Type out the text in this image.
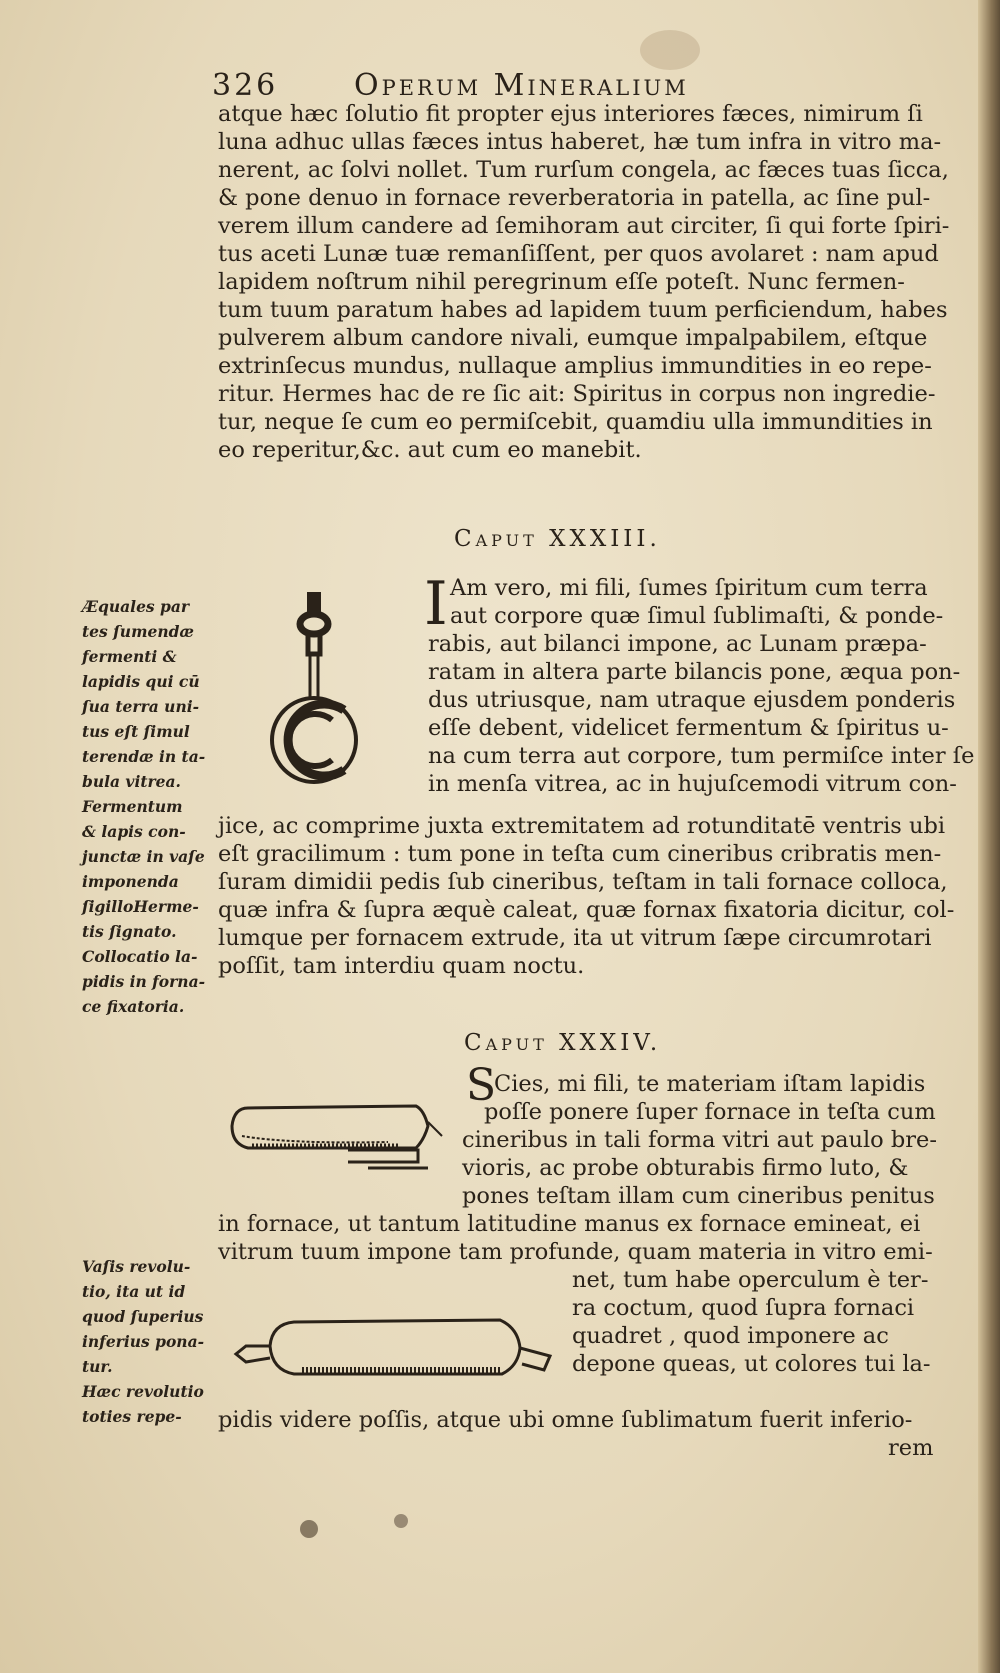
326	Operum Mineralium
atque hæc ſolutio fit propter ejus interiores fæces, nimirum ſi
luna adhuc ullas fæces intus haberet, hæ tum infra in vitro ma-
nerent, ac ſolvi nollet. Tum rurſum congela, ac fæces tuas ſicca,
& pone denuo in fornace reverberatoria in patella, ac ſine pul-
verem illum candere ad ſemihoram aut circiter, ſi qui forte ſpiri-
tus aceti Lunæ tuæ remanſiſſent, per quos avolaret : nam apud
lapidem noſtrum nihil peregrinum eſſe poteſt. Nunc fermen-
tum tuum paratum habes ad lapidem tuum perficiendum, habes
pulverem album candore nivali, eumque impalpabilem, eſtque
extrinſecus mundus, nullaque amplius immundities in eo repe-
ritur. Hermes hac de re ſic ait: Spiritus in corpus non ingredie-
tur, neque ſe cum eo permiſcebit, quamdiu ulla immundities in
eo reperitur,&c. aut cum eo manebit.
Caput XXXIII.
Æquales par
tes ſumendæ
fermenti &
lapidis qui cū
ſua terra uni-
tus eſt ſimul
terendæ in ta-
bula vitrea.
Fermentum
& lapis con-
junctæ in vaſe
imponenda
ſigilloHerme-
tis ſignato.
Collocatio la-
pidis in forna-
ce fixatoria.
I Am vero, mi fili, ſumes ſpiritum cum terra
aut corpore quæ ſimul ſublimaſti, & ponde-
rabis, aut bilanci impone, ac Lunam præpa-
ratam in altera parte bilancis pone, æqua pon-
dus utriusque, nam utraque ejusdem ponderis
eſſe debent, videlicet fermentum & ſpiritus u-
na cum terra aut corpore, tum permiſce inter ſe
in menſa vitrea, ac in hujuſcemodi vitrum con-
jice, ac comprime juxta extremitatem ad rotunditatē ventris ubi
eſt gracilimum : tum pone in teſta cum cineribus cribratis men-
ſuram dimidii pedis ſub cineribus, teſtam in tali fornace colloca,
quæ infra & ſupra æquè caleat, quæ fornax fixatoria dicitur, col-
lumque per fornacem extrude, ita ut vitrum ſæpe circumrotari
poſſit, tam interdiu quam noctu.
Caput XXXIV.
S
Cies, mi fili, te materiam iſtam lapidis
poſſe ponere ſuper fornace in teſta cum
cineribus in tali forma vitri aut paulo bre-
vioris, ac probe obturabis firmo luto, &
pones teſtam illam cum cineribus penitus
in fornace, ut tantum latitudine manus ex fornace emineat, ei
vitrum tuum impone tam profunde, quam materia in vitro emi-
net, tum habe operculum è ter-
ra coctum, quod ſupra fornaci
quadret , quod imponere ac
depone queas, ut colores tui la-
pidis videre poſſis, atque ubi omne ſublimatum fuerit inferio-
rem
Vaſis revolu-
tio, ita ut id
quod ſuperius
inferius pona-
tur.
Hæc revolutio
toties repe-
